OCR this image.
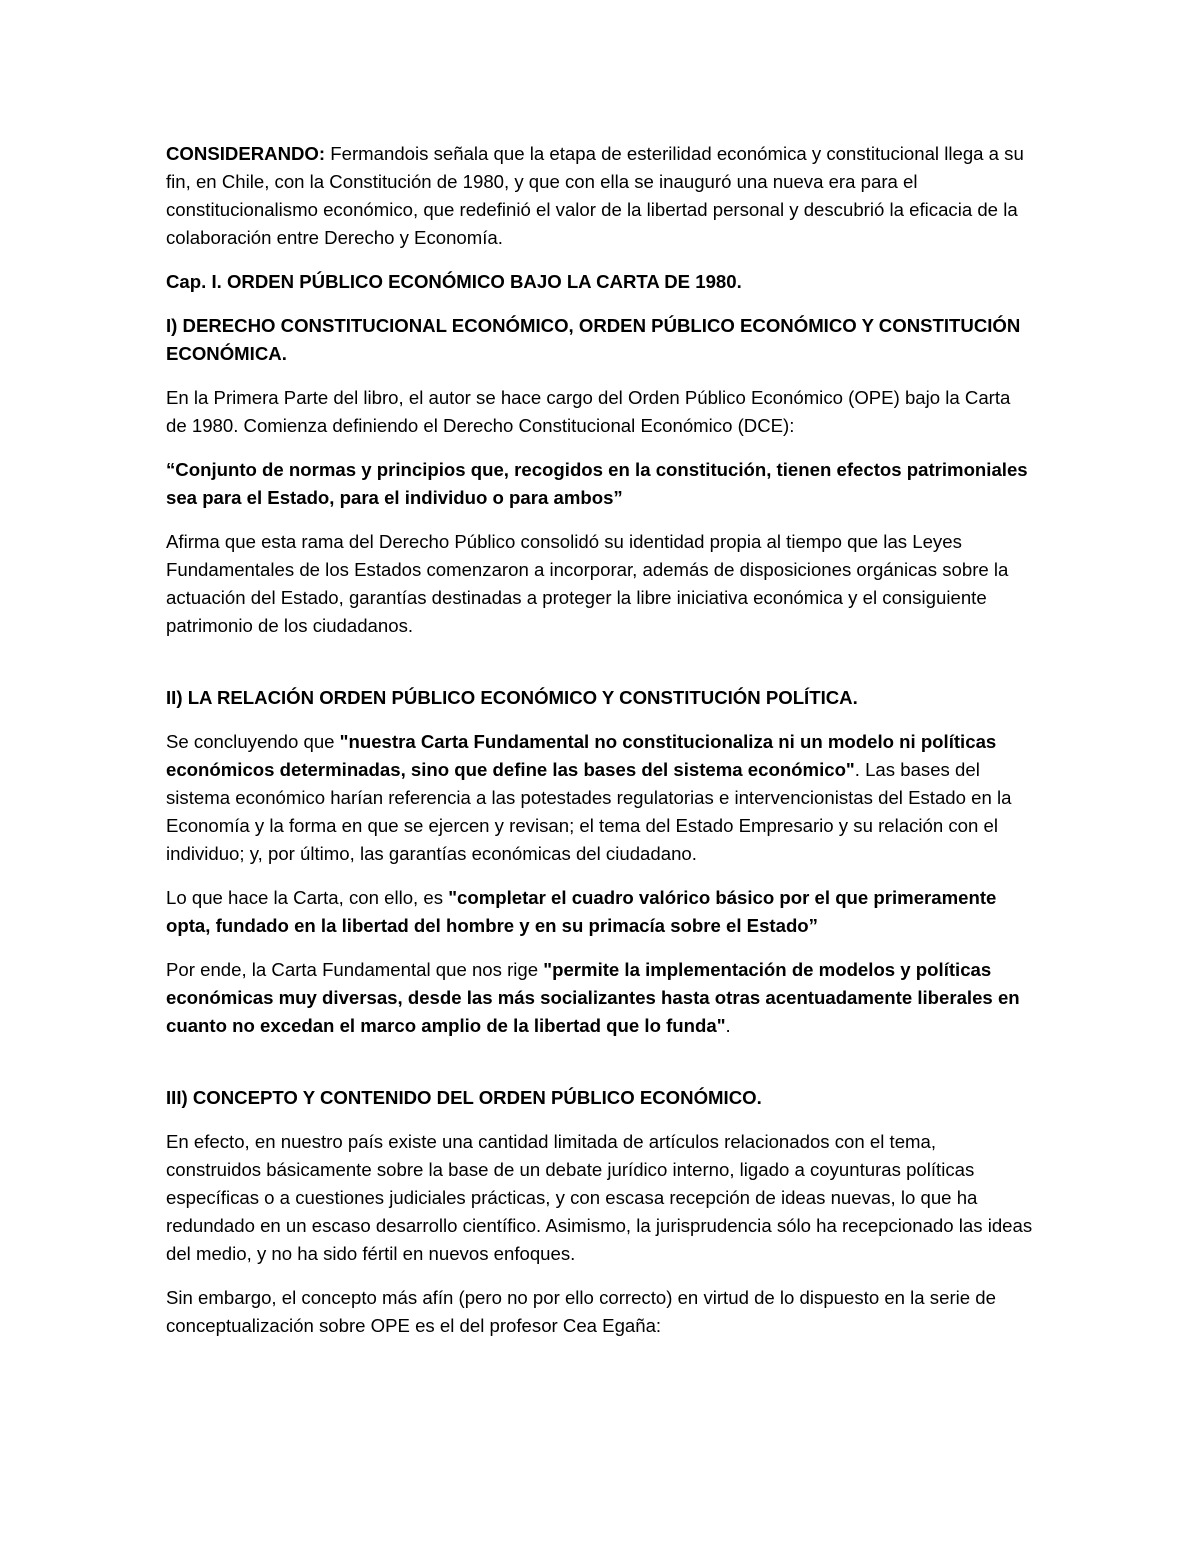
CONSIDERANDO: Fermandois señala que la etapa de esterilidad económica y constitucional llega a su fin, en Chile, con la Constitución de 1980, y que con ella se inauguró una nueva era para el constitucionalismo económico, que redefinió el valor de la libertad personal y descubrió la eficacia de la colaboración entre Derecho y Economía.

Cap. I. ORDEN PÚBLICO ECONÓMICO BAJO LA CARTA DE 1980.

I) DERECHO CONSTITUCIONAL ECONÓMICO, ORDEN PÚBLICO ECONÓMICO Y CONSTITUCIÓN ECONÓMICA.

En la Primera Parte del libro, el autor se hace cargo del Orden Público Económico (OPE) bajo la Carta de 1980. Comienza definiendo el Derecho Constitucional Económico (DCE):

“Conjunto de normas y principios que, recogidos en la constitución, tienen efectos patrimoniales sea para el Estado, para el individuo o para ambos”

Afirma que esta rama del Derecho Público consolidó su identidad propia al tiempo que las Leyes Fundamentales de los Estados comenzaron a incorporar, además de disposiciones orgánicas sobre la actuación del Estado, garantías destinadas a proteger la libre iniciativa económica y el consiguiente patrimonio de los ciudadanos.

II) LA RELACIÓN ORDEN PÚBLICO ECONÓMICO Y CONSTITUCIÓN POLÍTICA.

Se concluyendo que "nuestra Carta Fundamental no constitucionaliza ni un modelo ni políticas económicos determinadas, sino que define las bases del sistema económico". Las bases del sistema económico harían referencia a las potestades regulatorias e intervencionistas del Estado en la Economía y la forma en que se ejercen y revisan; el tema del Estado Empresario y su relación con el individuo; y, por último, las garantías económicas del ciudadano.

Lo que hace la Carta, con ello, es "completar el cuadro valórico básico por el que primeramente opta, fundado en la libertad del hombre y en su primacía sobre el Estado”

Por ende, la Carta Fundamental que nos rige "permite la implementación de modelos y políticas económicas muy diversas, desde las más socializantes hasta otras acentuadamente liberales en cuanto no excedan el marco amplio de la libertad que lo funda".

III) CONCEPTO Y CONTENIDO DEL ORDEN PÚBLICO ECONÓMICO.

En efecto, en nuestro país existe una cantidad limitada de artículos relacionados con el tema, construidos básicamente sobre la base de un debate jurídico interno, ligado a coyunturas políticas específicas o a cuestiones judiciales prácticas, y con escasa recepción de ideas nuevas, lo que ha redundado en un escaso desarrollo científico. Asimismo, la jurisprudencia sólo ha recepcionado las ideas del medio, y no ha sido fértil en nuevos enfoques.

Sin embargo, el concepto más afín (pero no por ello correcto) en virtud de lo dispuesto en la serie de conceptualización sobre OPE es el del profesor Cea Egaña:
